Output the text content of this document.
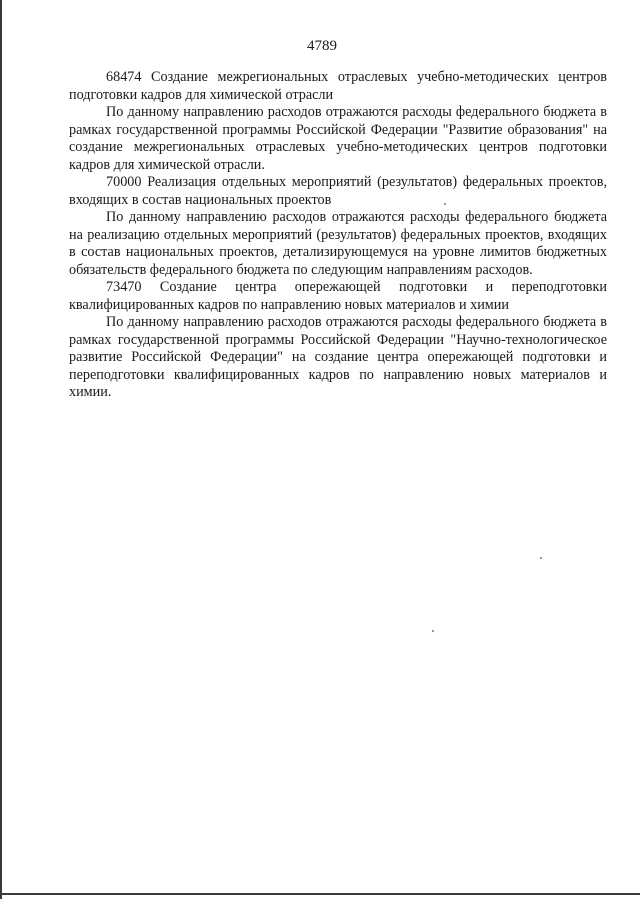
4789

68474 Создание межрегиональных отраслевых учебно-методических центров подготовки кадров для химической отрасли

По данному направлению расходов отражаются расходы федерального бюджета в рамках государственной программы Российской Федерации "Развитие образования" на создание межрегиональных отраслевых учебно-методических центров подготовки кадров для химической отрасли.

70000 Реализация отдельных мероприятий (результатов) федеральных проектов, входящих в состав национальных проектов

По данному направлению расходов отражаются расходы федерального бюджета на реализацию отдельных мероприятий (результатов) федеральных проектов, входящих в состав национальных проектов, детализирующемуся на уровне лимитов бюджетных обязательств федерального бюджета по следующим направлениям расходов.

73470 Создание центра опережающей подготовки и переподготовки квалифицированных кадров по направлению новых материалов и химии

По данному направлению расходов отражаются расходы федерального бюджета в рамках государственной программы Российской Федерации "Научно-технологическое развитие Российской Федерации" на создание центра опережающей подготовки и переподготовки квалифицированных кадров по направлению новых материалов и химии.
